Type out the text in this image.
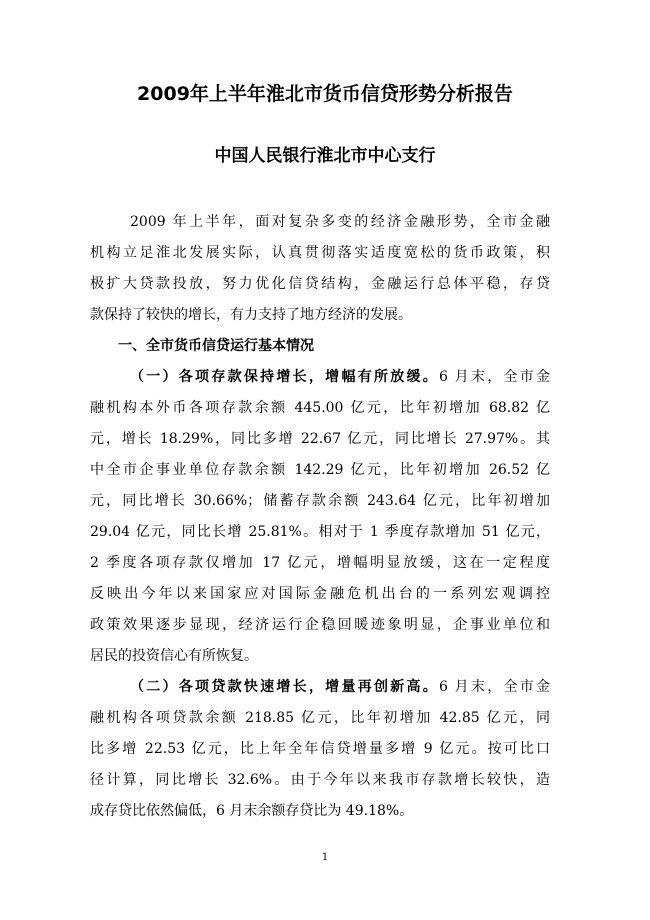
2009年上半年淮北市货币信贷形势分析报告
中国人民银行淮北市中心支行
2009 年上半年，面对复杂多变的经济金融形势，全市金融
机构立足淮北发展实际，认真贯彻落实适度宽松的货币政策，积
极扩大贷款投放，努力优化信贷结构，金融运行总体平稳，存贷
款保持了较快的增长，有力支持了地方经济的发展。
一、全市货币信贷运行基本情况
（一）各项存款保持增长，增幅有所放缓。6 月末，全市金
融机构本外币各项存款余额 445.00 亿元，比年初增加 68.82 亿
元，增长 18.29%，同比多增 22.67 亿元，同比增长 27.97%。其
中全市企事业单位存款余额 142.29 亿元，比年初增加 26.52 亿
元，同比增长 30.66%；储蓄存款余额 243.64 亿元，比年初增加
29.04 亿元，同比长增 25.81%。相对于 1 季度存款增加 51 亿元，
2 季度各项存款仅增加 17 亿元，增幅明显放缓，这在一定程度
反映出今年以来国家应对国际金融危机出台的一系列宏观调控
政策效果逐步显现，经济运行企稳回暖迹象明显，企事业单位和
居民的投资信心有所恢复。
（二）各项贷款快速增长，增量再创新高。6 月末，全市金
融机构各项贷款余额 218.85 亿元，比年初增加 42.85 亿元，同
比多增 22.53 亿元，比上年全年信贷增量多增 9 亿元。按可比口
径计算，同比增长 32.6%。由于今年以来我市存款增长较快，造
成存贷比依然偏低，6 月末余额存贷比为 49.18%。
1
